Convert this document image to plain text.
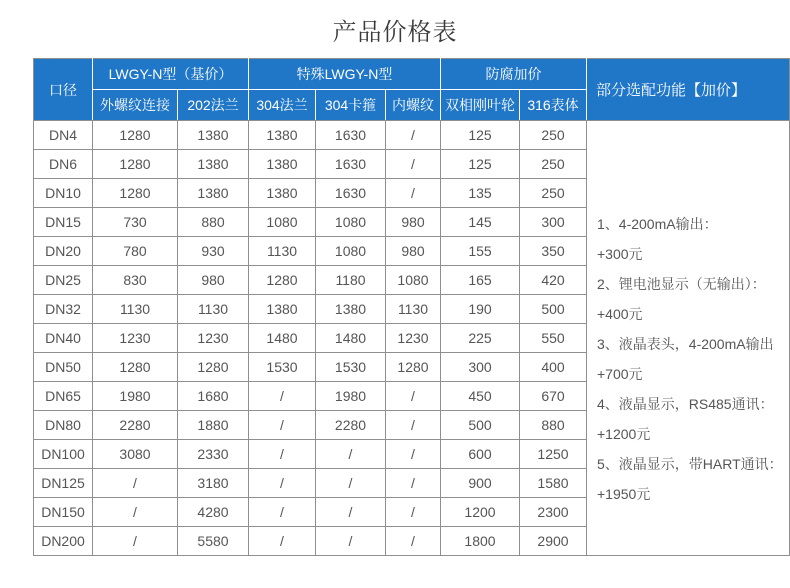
产品价格表
口径	LWGY-N型（基价）		特殊LWGY-N型			防腐加价		部分选配功能【加价】
	外螺纹连接	202法兰	304法兰	304卡箍	内螺纹	双相刚叶轮	316表体	
DN4	1280	1380	1380	1630	/	125	250	
1、4-200mA输出：
+300元
2、锂电池显示（无输出）：
+400元
3、液晶表头，4-200mA输出
+700元
4、液晶显示，RS485通讯：
+1200元
5、液晶显示，带HART通讯：
+1950元

DN6	1280	1380	1380	1630	/	125	250	
DN10	1280	1380	1380	1630	/	135	250	
DN15	730	880	1080	1080	980	145	300	
DN20	780	930	1130	1080	980	155	350	
DN25	830	980	1280	1180	1080	165	420	
DN32	1130	1130	1380	1380	1130	190	500	
DN40	1230	1230	1480	1480	1230	225	550	
DN50	1280	1280	1530	1530	1280	300	400	
DN65	1980	1680	/	1980	/	450	670	
DN80	2280	1880	/	2280	/	500	880	
DN100	3080	2330	/	/	/	600	1250	
DN125	/	3180	/	/	/	900	1580	
DN150	/	4280	/	/	/	1200	2300	
DN200	/	5580	/	/	/	1800	2900	
